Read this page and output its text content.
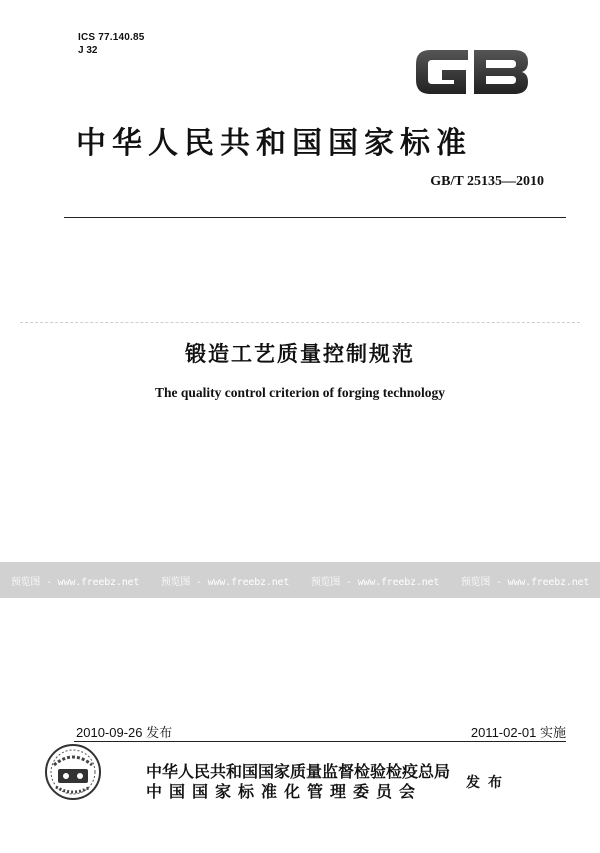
ICS 77.140.85
J 32
中华人民共和国国家标准
GB/T 25135—2010
锻造工艺质量控制规范
The quality control criterion of forging technology
预览图 - www.freebz.net	预览图 - www.freebz.net	预览图 - www.freebz.net	预览图 - www.freebz.net
2010-09-26 发布	2011-02-01 实施
中华人民共和国国家质量监督检验检疫总局
中国国家标准化管理委员会	发布
